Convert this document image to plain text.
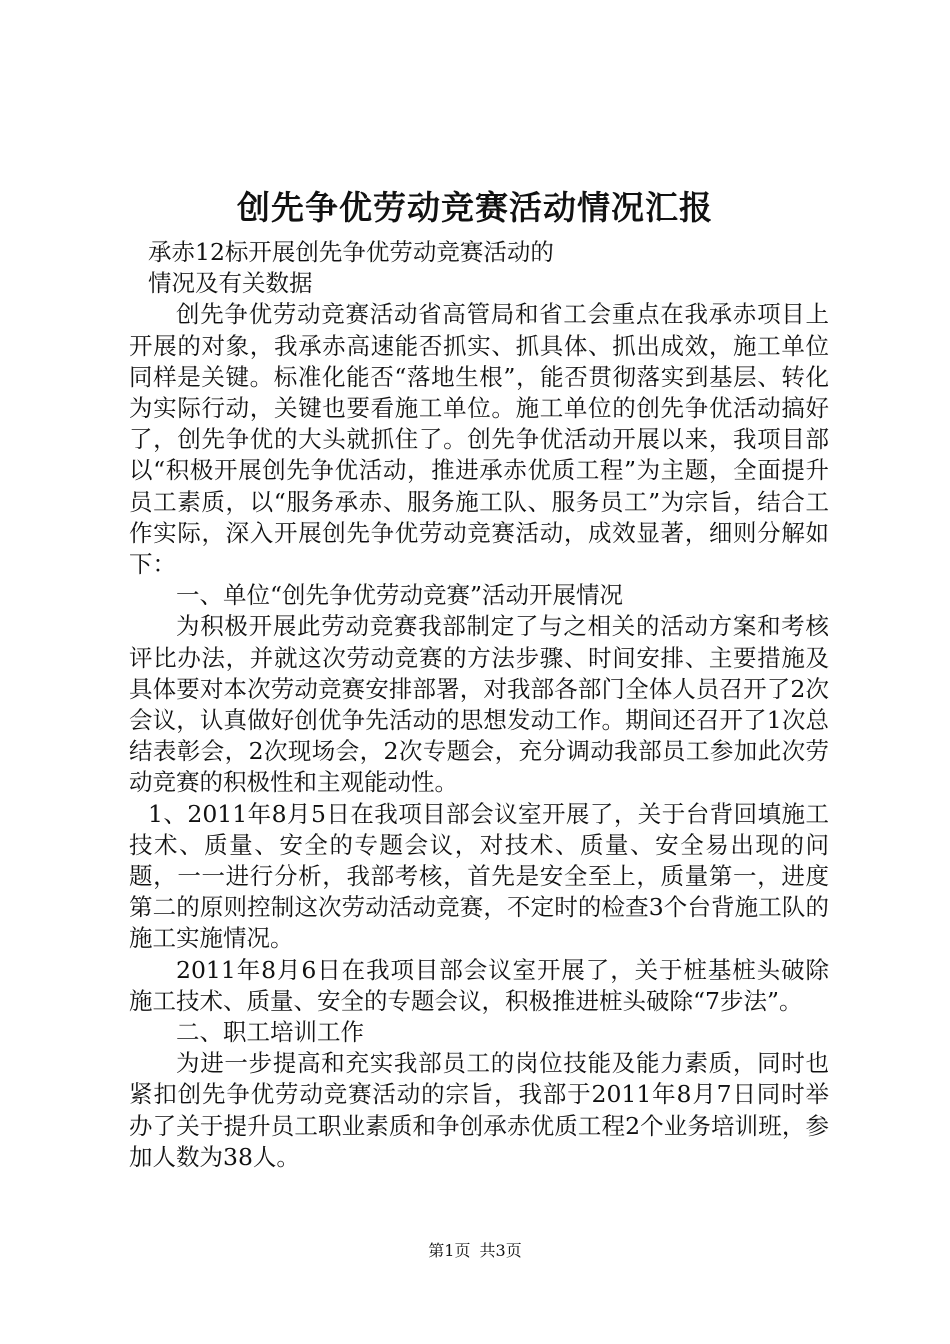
创先争优劳动竞赛活动情况汇报

承赤12标开展创先争优劳动竞赛活动的

情况及有关数据

创先争优劳动竞赛活动省高管局和省工会重点在我承赤项目上开展的对象，我承赤高速能否抓实、抓具体、抓出成效，施工单位同样是关键。标准化能否“落地生根”，能否贯彻落实到基层、转化为实际行动，关键也要看施工单位。施工单位的创先争优活动搞好了，创先争优的大头就抓住了。创先争优活动开展以来，我项目部以“积极开展创先争优活动，推进承赤优质工程”为主题，全面提升员工素质，以“服务承赤、服务施工队、服务员工”为宗旨，结合工作实际，深入开展创先争优劳动竞赛活动，成效显著，细则分解如下：

一、单位“创先争优劳动竞赛”活动开展情况

为积极开展此劳动竞赛我部制定了与之相关的活动方案和考核评比办法，并就这次劳动竞赛的方法步骤、时间安排、主要措施及具体要对本次劳动竞赛安排部署，对我部各部门全体人员召开了2次会议，认真做好创优争先活动的思想发动工作。期间还召开了1次总结表彰会，2次现场会，2次专题会，充分调动我部员工参加此次劳动竞赛的积极性和主观能动性。

1、2011年8月5日在我项目部会议室开展了，关于台背回填施工技术、质量、安全的专题会议，对技术、质量、安全易出现的问题，一一进行分析，我部考核，首先是安全至上，质量第一，进度第二的原则控制这次劳动活动竞赛，不定时的检查3个台背施工队的施工实施情况。

2011年8月6日在我项目部会议室开展了，关于桩基桩头破除施工技术、质量、安全的专题会议，积极推进桩头破除“7步法”。

二、职工培训工作

为进一步提高和充实我部员工的岗位技能及能力素质，同时也紧扣创先争优劳动竞赛活动的宗旨，我部于2011年8月7日同时举办了关于提升员工职业素质和争创承赤优质工程2个业务培训班，参加人数为38人。

第1页 共3页
